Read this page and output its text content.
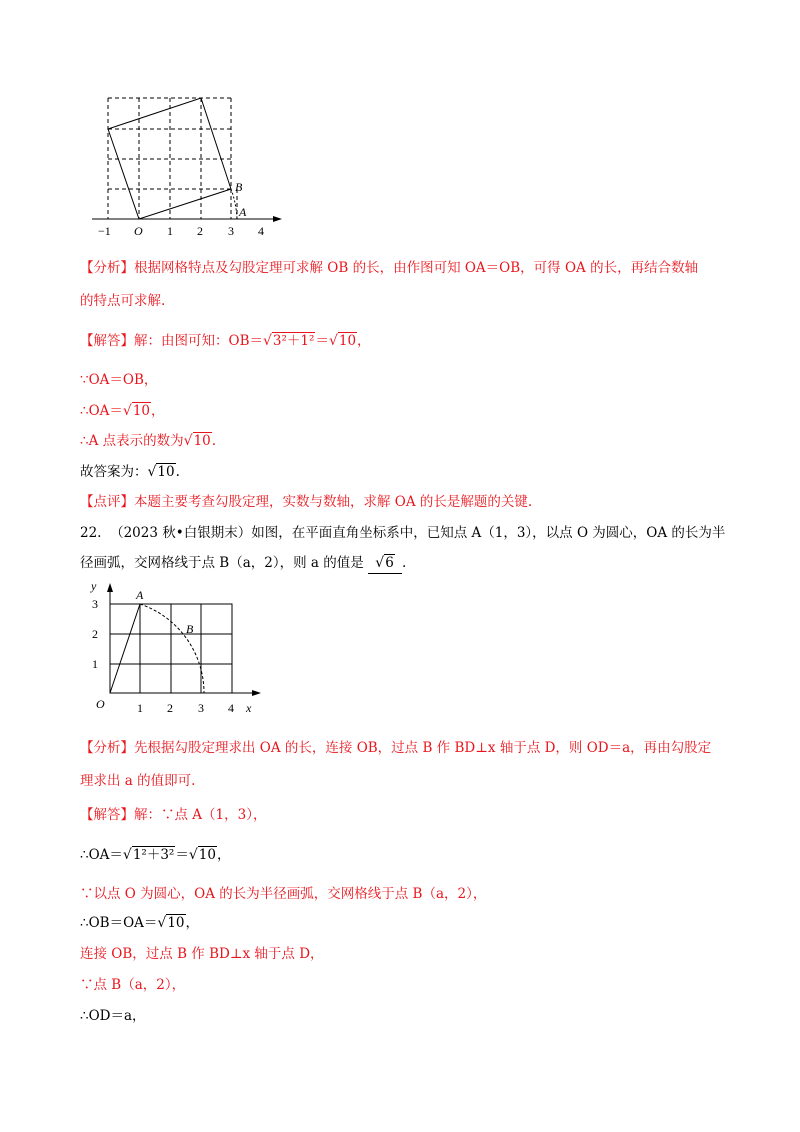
B
A
−1 O 1 2 3 4
【分析】根据网格特点及勾股定理可求解 OB 的长，由作图可知 OA＝OB，可得 OA 的长，再结合数轴
的特点可求解.
【解答】解：由图可知：OB＝√3²＋1²＝√10，
∵OA＝OB，
∴OA＝√10，
∴A 点表示的数为√10.
故答案为：√10.
【点评】本题主要考查勾股定理，实数与数轴，求解 OA 的长是解题的关键.
22. （2023 秋•白银期末）如图，在平面直角坐标系中，已知点 A（1，3），以点 O 为圆心，OA 的长为半
径画弧，交网格线于点 B（a，2），则 a 的值是 √6 .
y
3
2
1
O	1 2 3 4 x
A
B
【分析】先根据勾股定理求出 OA 的长，连接 OB，过点 B 作 BD⊥x 轴于点 D，则 OD＝a，再由勾股定
理求出 a 的值即可.
【解答】解：∵点 A（1，3），
∴OA＝√1²＋3²＝√10，
∵以点 O 为圆心，OA 的长为半径画弧，交网格线于点 B（a，2），
∴OB＝OA＝√10，
连接 OB，过点 B 作 BD⊥x 轴于点 D，
∵点 B（a，2），
∴OD＝a，
